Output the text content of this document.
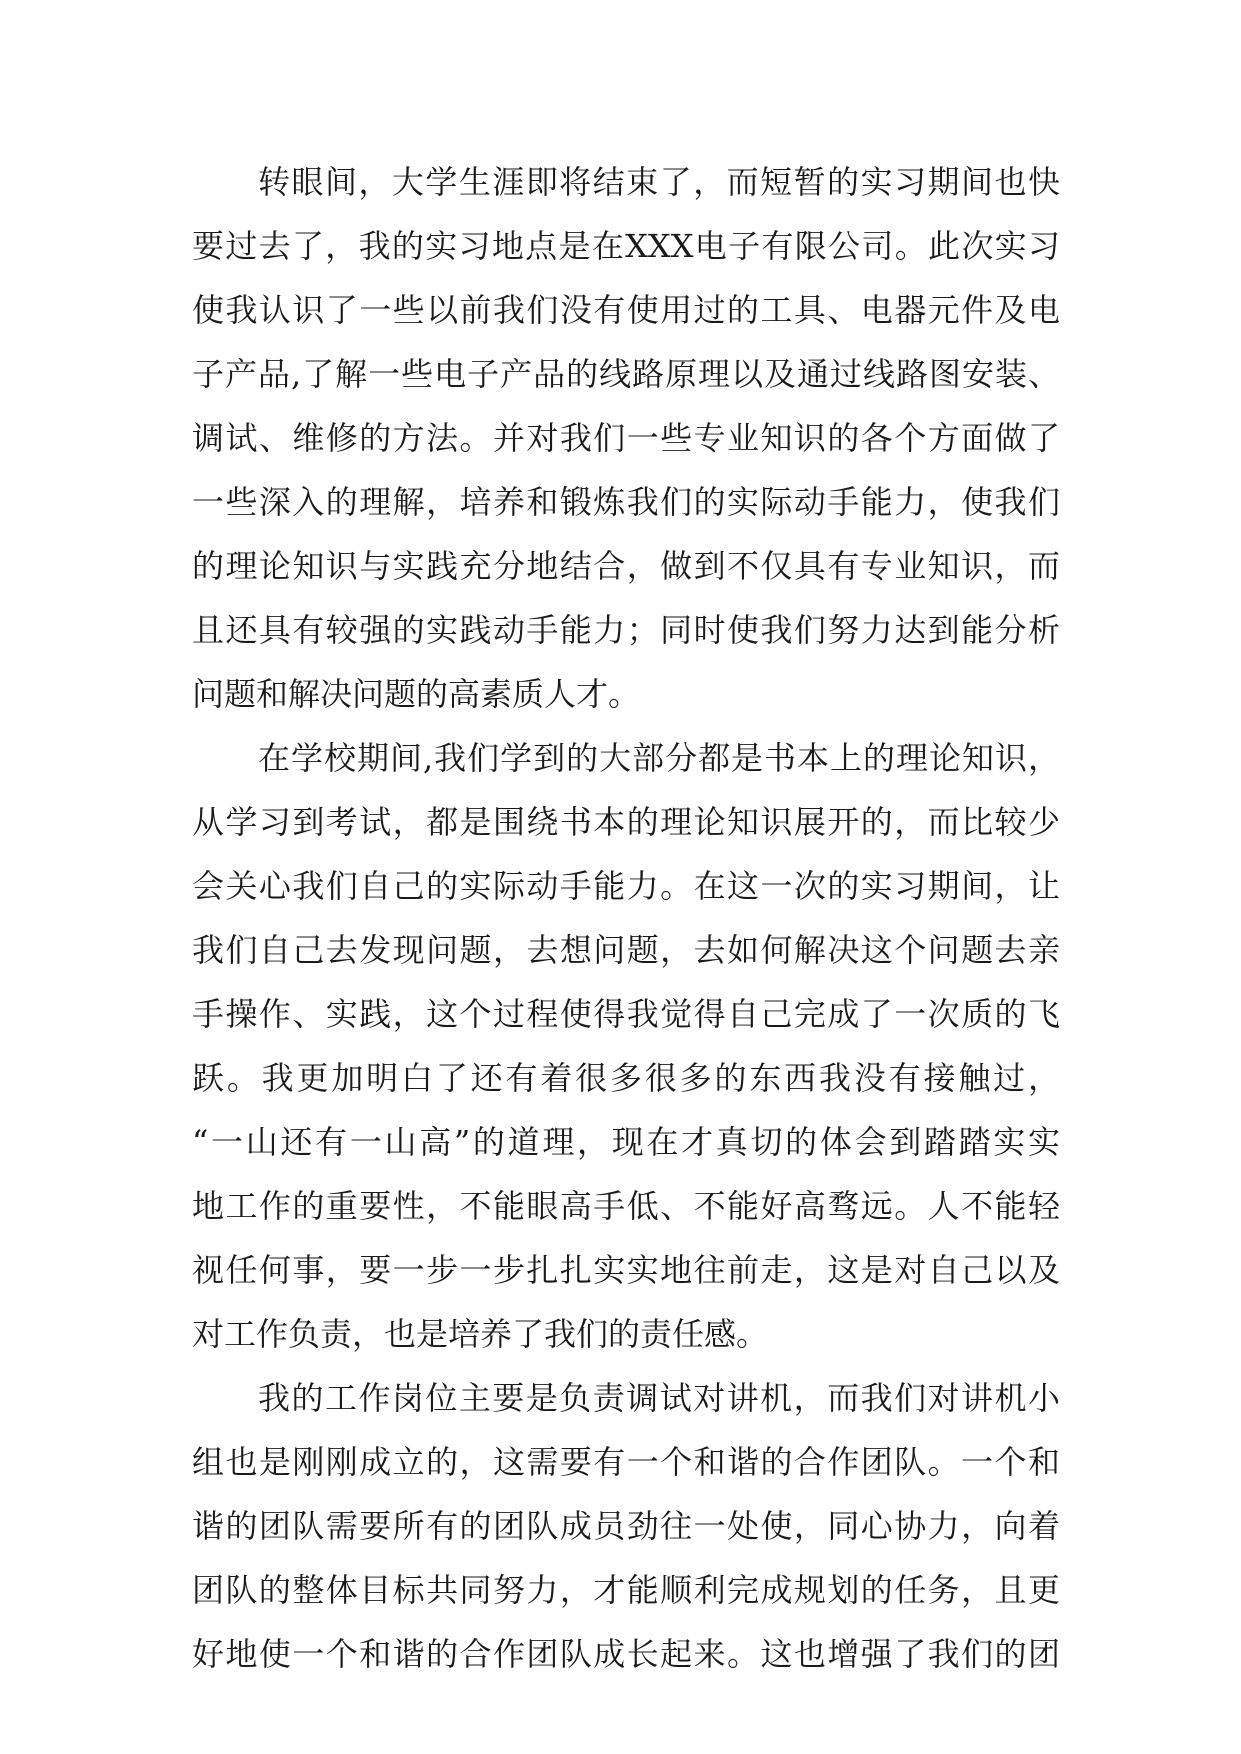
转眼间，大学生涯即将结束了，而短暂的实习期间也快
要过去了，我的实习地点是在XXX电子有限公司。此次实习
使我认识了一些以前我们没有使用过的工具、电器元件及电
子产品,了解一些电子产品的线路原理以及通过线路图安装、
调试、维修的方法。并对我们一些专业知识的各个方面做了
一些深入的理解，培养和锻炼我们的实际动手能力，使我们
的理论知识与实践充分地结合，做到不仅具有专业知识，而
且还具有较强的实践动手能力；同时使我们努力达到能分析
问题和解决问题的高素质人才。
在学校期间,我们学到的大部分都是书本上的理论知识，
从学习到考试，都是围绕书本的理论知识展开的，而比较少
会关心我们自己的实际动手能力。在这一次的实习期间，让
我们自己去发现问题，去想问题，去如何解决这个问题去亲
手操作、实践，这个过程使得我觉得自己完成了一次质的飞
跃。我更加明白了还有着很多很多的东西我没有接触过，
“一山还有一山高”的道理，现在才真切的体会到踏踏实实
地工作的重要性，不能眼高手低、不能好高骛远。人不能轻
视任何事，要一步一步扎扎实实地往前走，这是对自己以及
对工作负责，也是培养了我们的责任感。
我的工作岗位主要是负责调试对讲机，而我们对讲机小
组也是刚刚成立的，这需要有一个和谐的合作团队。一个和
谐的团队需要所有的团队成员劲往一处使，同心协力，向着
团队的整体目标共同努力，才能顺利完成规划的任务，且更
好地使一个和谐的合作团队成长起来。这也增强了我们的团
